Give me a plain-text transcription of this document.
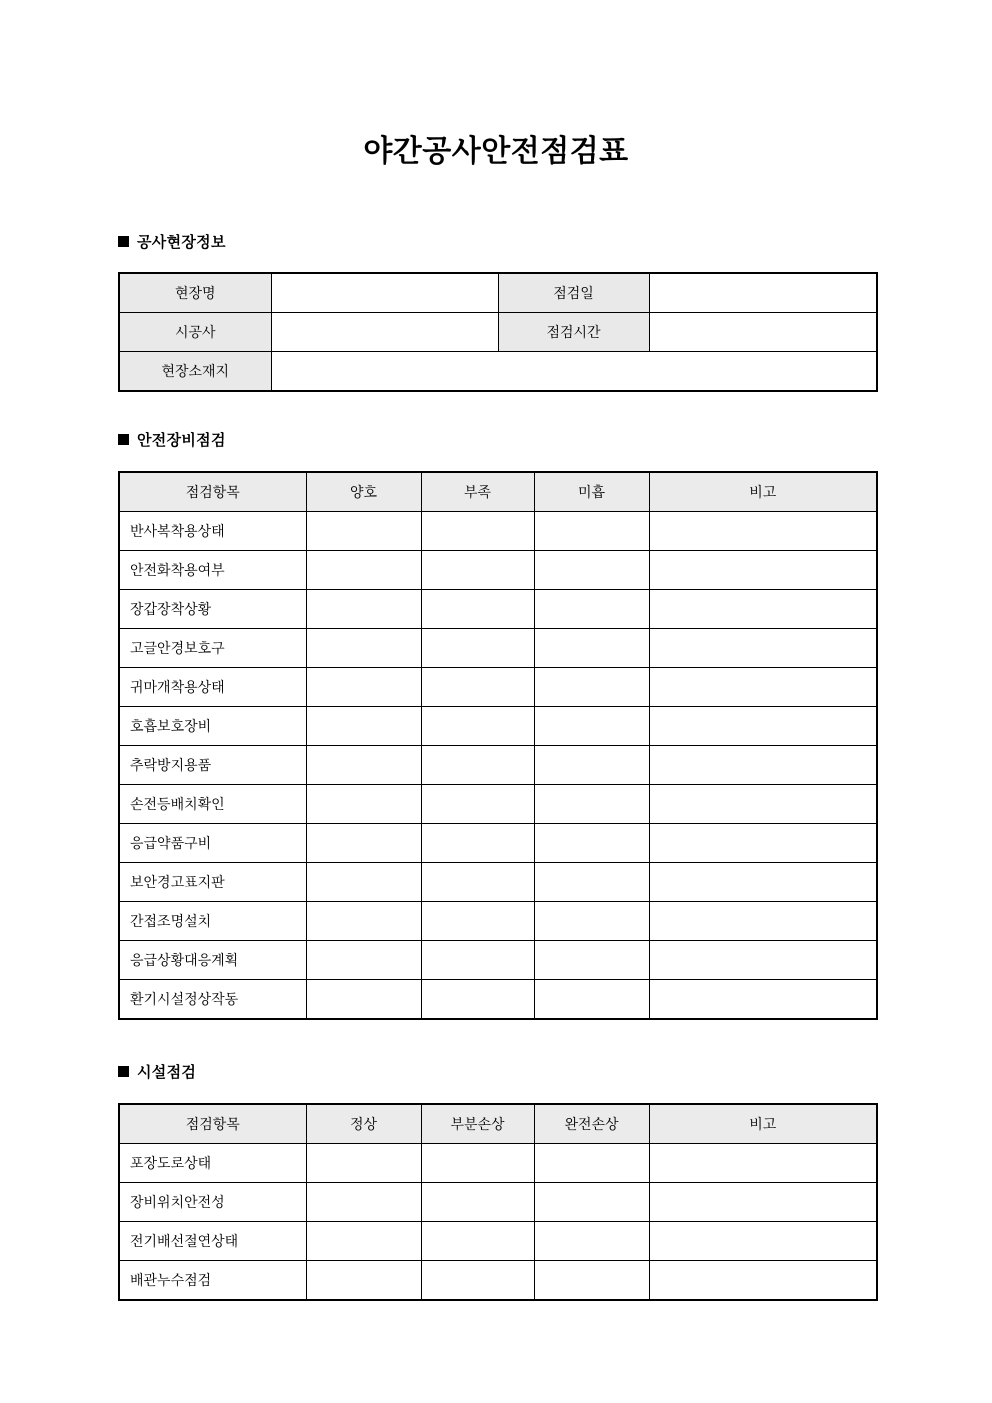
야간공사안전점검표
공사현장정보
현장명		점검일	
시공사		점검시간	
현장소재지			
안전장비점검
점검항목	양호	부족	미흡	비고
반사복착용상태				
안전화착용여부				
장갑장착상황				
고글안경보호구				
귀마개착용상태				
호흡보호장비				
추락방지용품				
손전등배치확인				
응급약품구비				
보안경고표지판				
간접조명설치				
응급상황대응계획				
환기시설정상작동				
시설점검
점검항목	정상	부분손상	완전손상	비고
포장도로상태				
장비위치안전성				
전기배선절연상태				
배관누수점검				
